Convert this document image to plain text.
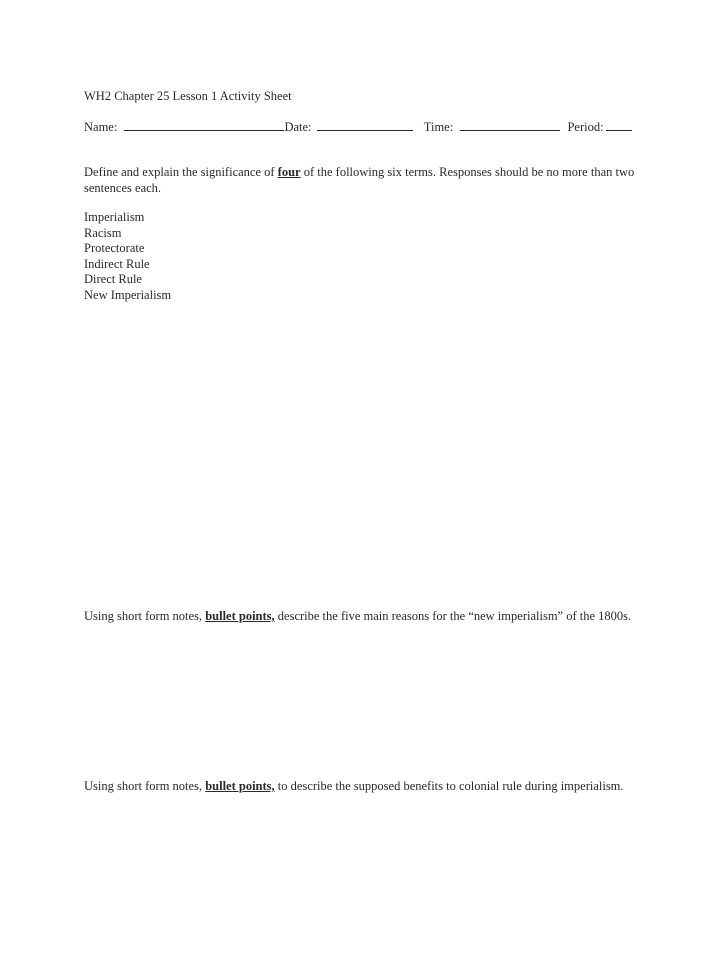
WH2 Chapter 25 Lesson 1 Activity Sheet
Name:	Date:	Time:	Period:
Define and explain the significance of four of the following six terms. Responses should be no more than two sentences each.
Imperialism
Racism
Protectorate
Indirect Rule
Direct Rule
New Imperialism
Using short form notes, bullet points, describe the five main reasons for the “new imperialism” of the 1800s.
Using short form notes, bullet points, to describe the supposed benefits to colonial rule during imperialism.
